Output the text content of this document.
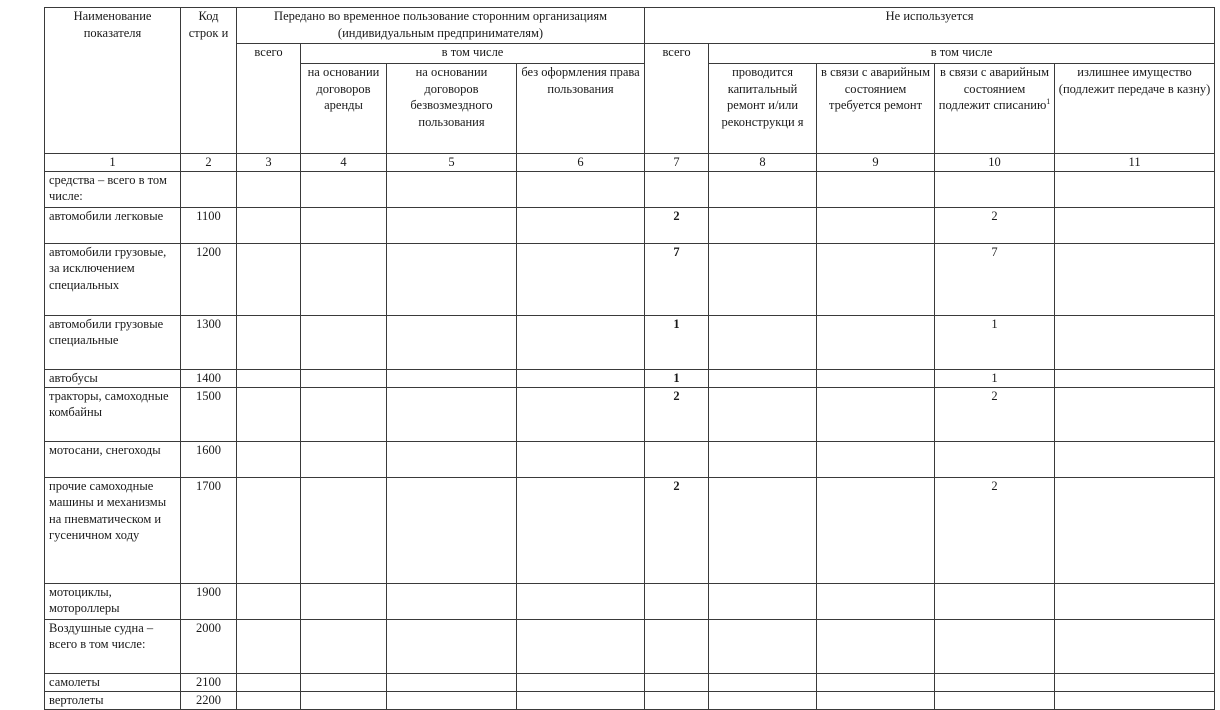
Наименование показателя	Код строк и	Передано во временное пользование сторонним организациям (индивидуальным предпринимателям)				Не используется				
		всего	в том числе			всего	в том числе			
			на основании договоров аренды	на основании договоров безвозмездного пользования	без оформления права пользования		проводится капитальный ремонт и/или реконструкци я	в связи с аварийным состоянием требуется ремонт	в связи с аварийным состоянием подлежит списанию$^1$	излишнее имущество (подлежит передаче в казну)
1	2	3	4	5	6	7	8	9	10	11
средства – всего в том числе:										
автомобили легковые	1100					2			2	
автомобили грузовые, за исключением специальных	1200					7			7	
автомобили грузовые специальные	1300					1			1	
автобусы	1400					1			1	
тракторы, самоходные комбайны	1500					2			2	
мотосани, снегоходы	1600									
прочие самоходные машины и механизмы на пневматическом и гусеничном ходу	1700					2			2	
мотоциклы, мотороллеры	1900									
Воздушные судна – всего в том числе:	2000									
самолеты	2100									
вертолеты	2200									
